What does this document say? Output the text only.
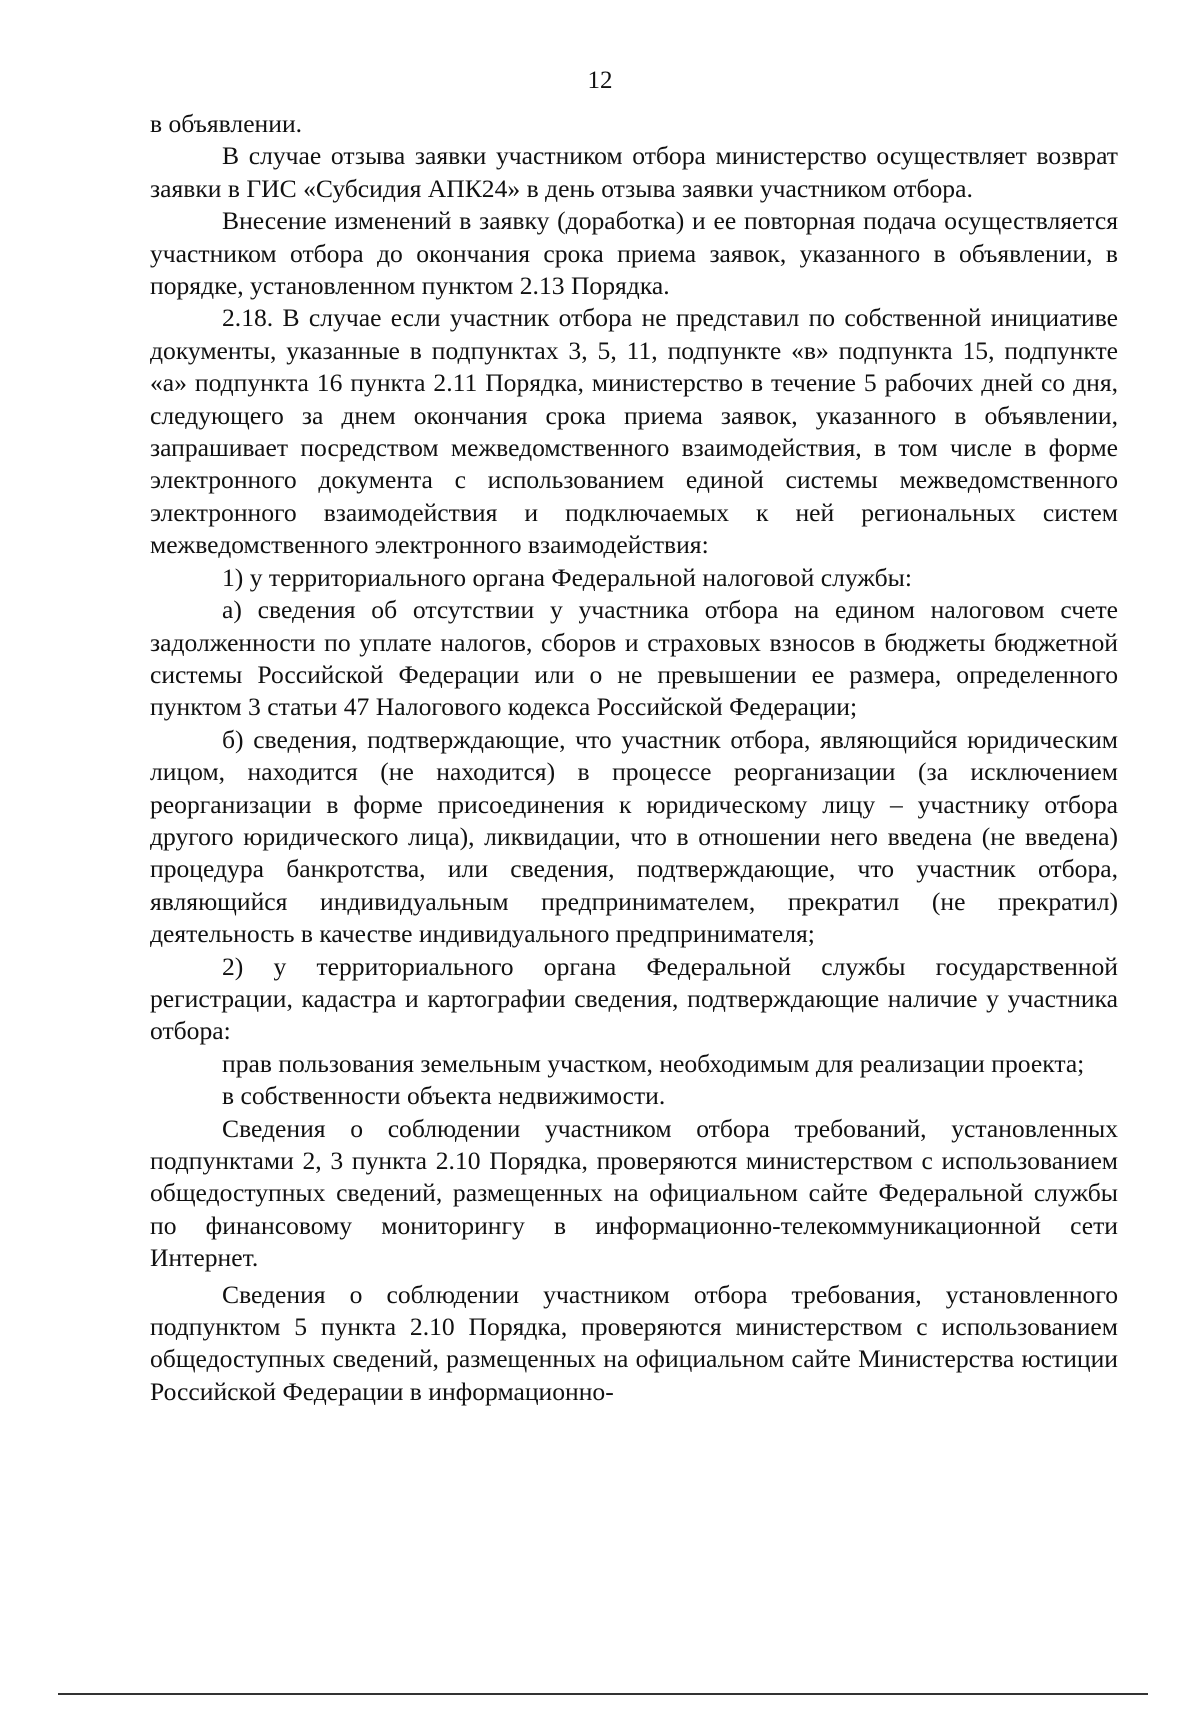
12

в объявлении.

В случае отзыва заявки участником отбора министерство осуществляет возврат заявки в ГИС «Субсидия АПК24» в день отзыва заявки участником отбора.

Внесение изменений в заявку (доработка) и ее повторная подача осуществляется участником отбора до окончания срока приема заявок, указанного в объявлении, в порядке, установленном пунктом 2.13 Порядка.

2.18. В случае если участник отбора не представил по собственной инициативе документы, указанные в подпунктах 3, 5, 11, подпункте «в» подпункта 15, подпункте «а» подпункта 16 пункта 2.11 Порядка, министерство в течение 5 рабочих дней со дня, следующего за днем окончания срока приема заявок, указанного в объявлении, запрашивает посредством межведомственного взаимодействия, в том числе в форме электронного документа с использованием единой системы межведомственного электронного взаимодействия и подключаемых к ней региональных систем межведомственного электронного взаимодействия:

1) у территориального органа Федеральной налоговой службы:

а) сведения об отсутствии у участника отбора на едином налоговом счете задолженности по уплате налогов, сборов и страховых взносов в бюджеты бюджетной системы Российской Федерации или о не превышении ее размера, определенного пунктом 3 статьи 47 Налогового кодекса Российской Федерации;

б) сведения, подтверждающие, что участник отбора, являющийся юридическим лицом, находится (не находится) в процессе реорганизации (за исключением реорганизации в форме присоединения к юридическому лицу – участнику отбора другого юридического лица), ликвидации, что в отношении него введена (не введена) процедура банкротства, или сведения, подтверждающие, что участник отбора, являющийся индивидуальным предпринимателем, прекратил (не прекратил) деятельность в качестве индивидуального предпринимателя;

2) у территориального органа Федеральной службы государственной регистрации, кадастра и картографии сведения, подтверждающие наличие у участника отбора:

прав пользования земельным участком, необходимым для реализации проекта;

в собственности объекта недвижимости.

Сведения о соблюдении участником отбора требований, установленных подпунктами 2, 3 пункта 2.10 Порядка, проверяются министерством с использованием общедоступных сведений, размещенных на официальном сайте Федеральной службы по финансовому мониторингу в информационно-телекоммуникационной сети Интернет.

Сведения о соблюдении участником отбора требования, установленного подпунктом 5 пункта 2.10 Порядка, проверяются министерством с использованием общедоступных сведений, размещенных на официальном сайте Министерства юстиции Российской Федерации в информационно-
